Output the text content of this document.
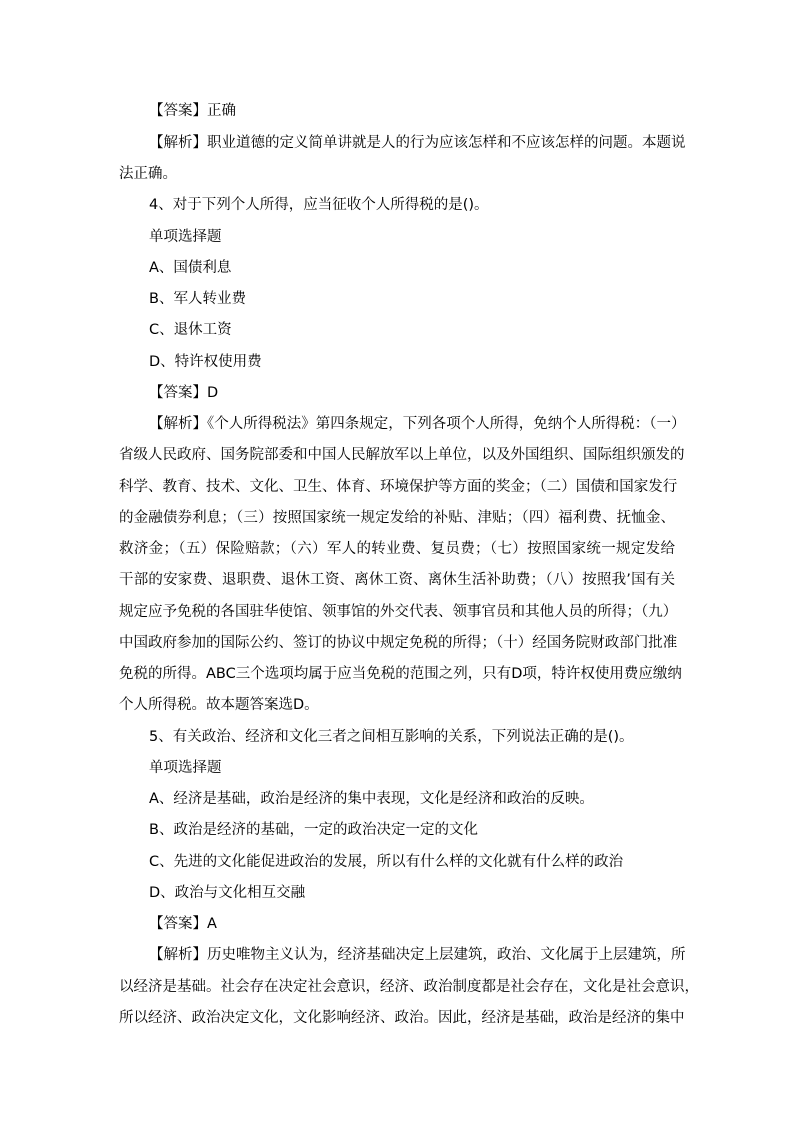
【答案】正确
【解析】职业道德的定义简单讲就是人的行为应该怎样和不应该怎样的问题。本题说
法正确。
4、对于下列个人所得，应当征收个人所得税的是()。
单项选择题
A、国债利息
B、军人转业费
C、退休工资
D、特许权使用费
【答案】D
【解析】《个人所得税法》第四条规定，下列各项个人所得，免纳个人所得税：（一）
省级人民政府、国务院部委和中国人民解放军以上单位，以及外国组织、国际组织颁发的
科学、教育、技术、文化、卫生、体育、环境保护等方面的奖金；（二）国债和国家发行
的金融债券利息；（三）按照国家统一规定发给的补贴、津贴；（四）福利费、抚恤金、
救济金；（五）保险赔款；（六）军人的转业费、复员费；（七）按照国家统一规定发给
干部的安家费、退职费、退休工资、离休工资、离休生活补助费；（八）按照我’国有关
规定应予免税的各国驻华使馆、领事馆的外交代表、领事官员和其他人员的所得；（九）
中国政府参加的国际公约、签订的协议中规定免税的所得；（十）经国务院财政部门批准
免税的所得。ABC三个选项均属于应当免税的范围之列，只有D项，特许权使用费应缴纳
个人所得税。故本题答案选D。
5、有关政治、经济和文化三者之间相互影响的关系，下列说法正确的是()。
单项选择题
A、经济是基础，政治是经济的集中表现，文化是经济和政治的反映。
B、政治是经济的基础，一定的政治决定一定的文化
C、先进的文化能促进政治的发展，所以有什么样的文化就有什么样的政治
D、政治与文化相互交融
【答案】A
【解析】历史唯物主义认为，经济基础决定上层建筑，政治、文化属于上层建筑，所
以经济是基础。社会存在决定社会意识，经济、政治制度都是社会存在，文化是社会意识，
所以经济、政治决定文化，文化影响经济、政治。因此，经济是基础，政治是经济的集中
